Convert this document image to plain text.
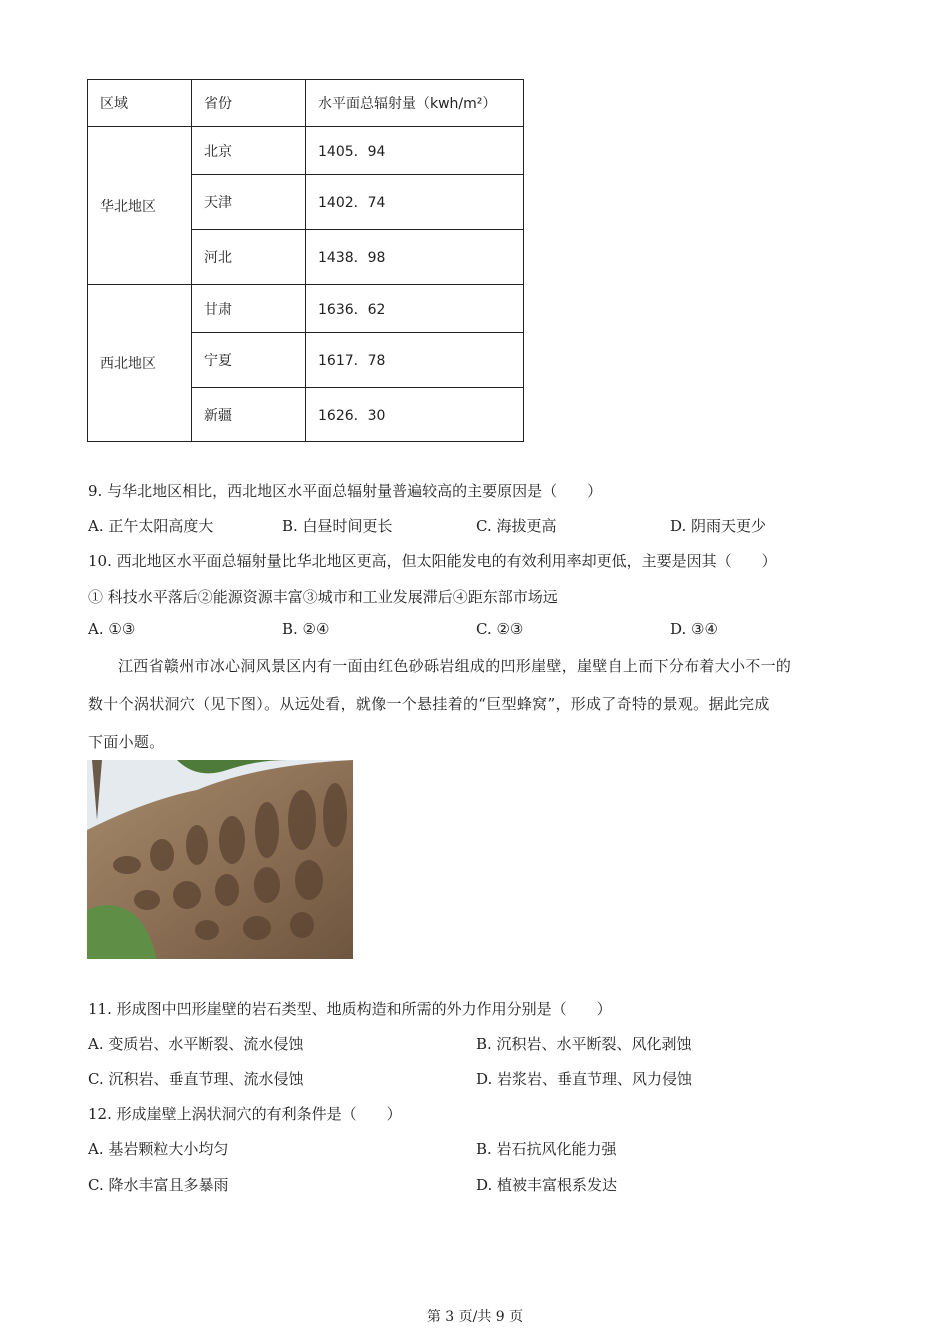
区域	省份	水平面总辐射量（kwh/m²）
华北地区	北京	1405．94
	天津	1402．74
	河北	1438．98
西北地区	甘肃	1636．62
	宁夏	1617．78
	新疆	1626．30
9. 与华北地区相比，西北地区水平面总辐射量普遍较高的主要原因是（　　）
A. 正午太阳高度大	B. 白昼时间更长	C. 海拔更高	D. 阴雨天更少
10. 西北地区水平面总辐射量比华北地区更高，但太阳能发电的有效利用率却更低，主要是因其（　　）
① 科技水平落后②能源资源丰富③城市和工业发展滞后④距东部市场远
A. ①③	B. ②④	C. ②③	D. ③④
江西省赣州市冰心洞风景区内有一面由红色砂砾岩组成的凹形崖壁，崖壁自上而下分布着大小不一的
数十个涡状洞穴（见下图）。从远处看，就像一个悬挂着的“巨型蜂窝”，形成了奇特的景观。据此完成
下面小题。
11. 形成图中凹形崖壁的岩石类型、地质构造和所需的外力作用分别是（　　）
A. 变质岩、水平断裂、流水侵蚀	B. 沉积岩、水平断裂、风化剥蚀
C. 沉积岩、垂直节理、流水侵蚀	D. 岩浆岩、垂直节理、风力侵蚀
12. 形成崖壁上涡状洞穴的有利条件是（　　）
A. 基岩颗粒大小均匀	B. 岩石抗风化能力强
C. 降水丰富且多暴雨	D. 植被丰富根系发达
第 3 页/共 9 页
